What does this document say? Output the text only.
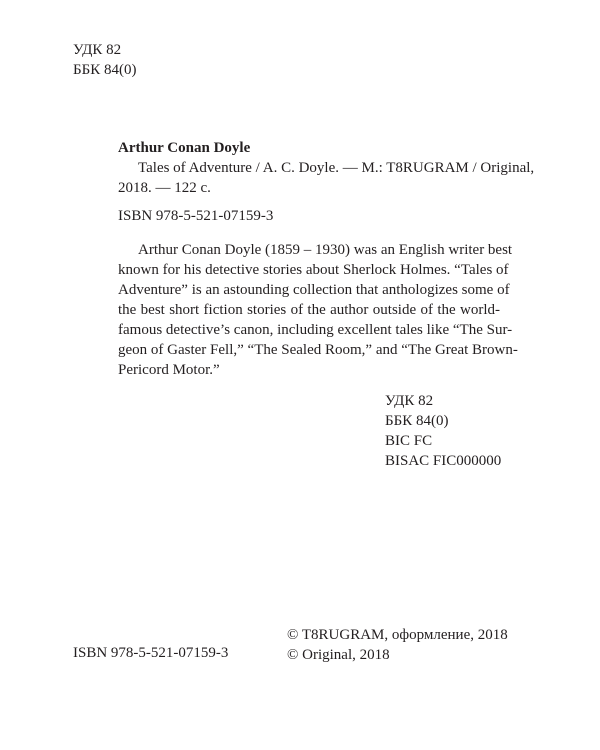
УДК 82
ББК 84(0)
Arthur Conan Doyle
Tales of Adventure / A. C. Doyle. — M.: T8RUGRAM / Original,
2018. — 122 с.
ISBN 978-5-521-07159-3
Arthur Conan Doyle (1859 – 1930) was an English writer best
known for his detective stories about Sherlock Holmes. “Tales of
Adventure” is an astounding collection that anthologizes some of
the best short fiction stories of the author outside of the world-
famous detective’s canon, including excellent tales like “The Sur-
geon of Gaster Fell,” “The Sealed Room,” and “The Great Brown-
Pericord Motor.”
УДК 82
ББК 84(0)
BIC FC
BISAC FIC000000
ISBN 978-5-521-07159-3
© T8RUGRAM, оформление, 2018
© Original, 2018
